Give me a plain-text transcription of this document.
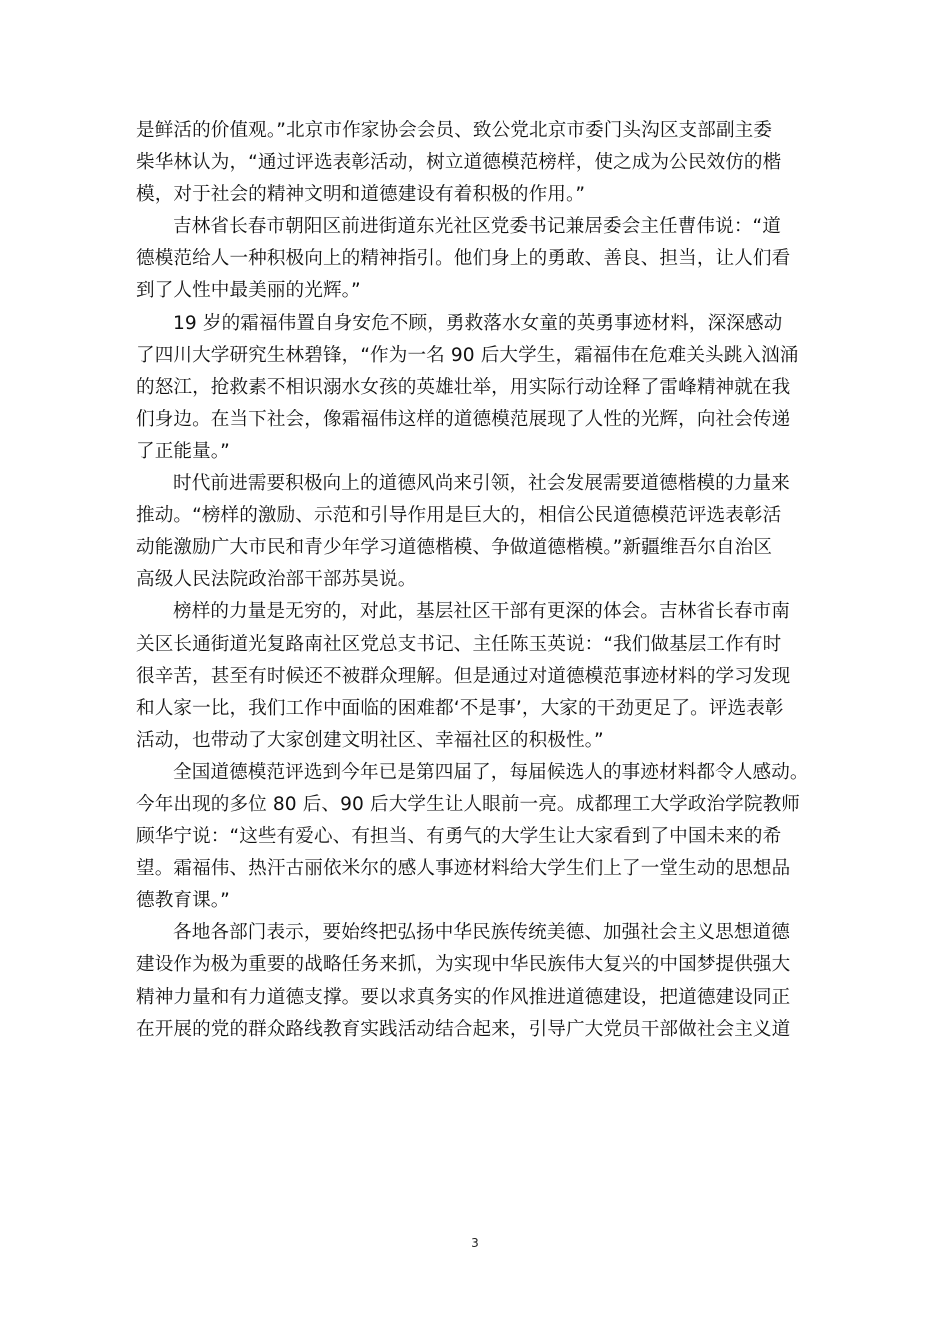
是鲜活的价值观。”北京市作家协会会员、致公党北京市委门头沟区支部副主委
柴华林认为，“通过评选表彰活动，树立道德模范榜样，使之成为公民效仿的楷
模，对于社会的精神文明和道德建设有着积极的作用。”

吉林省长春市朝阳区前进街道东光社区党委书记兼居委会主任曹伟说：“道
德模范给人一种积极向上的精神指引。他们身上的勇敢、善良、担当，让人们看
到了人性中最美丽的光辉。”

19 岁的霜福伟置自身安危不顾，勇救落水女童的英勇事迹材料，深深感动
了四川大学研究生林碧锋，“作为一名 90 后大学生，霜福伟在危难关头跳入汹涌
的怒江，抢救素不相识溺水女孩的英雄壮举，用实际行动诠释了雷峰精神就在我
们身边。在当下社会，像霜福伟这样的道德模范展现了人性的光辉，向社会传递
了正能量。”

时代前进需要积极向上的道德风尚来引领，社会发展需要道德楷模的力量来
推动。“榜样的激励、示范和引导作用是巨大的，相信公民道德模范评选表彰活
动能激励广大市民和青少年学习道德楷模、争做道德楷模。”新疆维吾尔自治区
高级人民法院政治部干部苏昊说。

榜样的力量是无穷的，对此，基层社区干部有更深的体会。吉林省长春市南
关区长通街道光复路南社区党总支书记、主任陈玉英说：“我们做基层工作有时
很辛苦，甚至有时候还不被群众理解。但是通过对道德模范事迹材料的学习发现
和人家一比，我们工作中面临的困难都‘不是事’，大家的干劲更足了。评选表彰
活动，也带动了大家创建文明社区、幸福社区的积极性。”

全国道德模范评选到今年已是第四届了，每届候选人的事迹材料都令人感动。
今年出现的多位 80 后、90 后大学生让人眼前一亮。成都理工大学政治学院教师
顾华宁说：“这些有爱心、有担当、有勇气的大学生让大家看到了中国未来的希
望。霜福伟、热汗古丽依米尔的感人事迹材料给大学生们上了一堂生动的思想品
德教育课。”

各地各部门表示，要始终把弘扬中华民族传统美德、加强社会主义思想道德
建设作为极为重要的战略任务来抓，为实现中华民族伟大复兴的中国梦提供强大
精神力量和有力道德支撑。要以求真务实的作风推进道德建设，把道德建设同正
在开展的党的群众路线教育实践活动结合起来，引导广大党员干部做社会主义道

3
